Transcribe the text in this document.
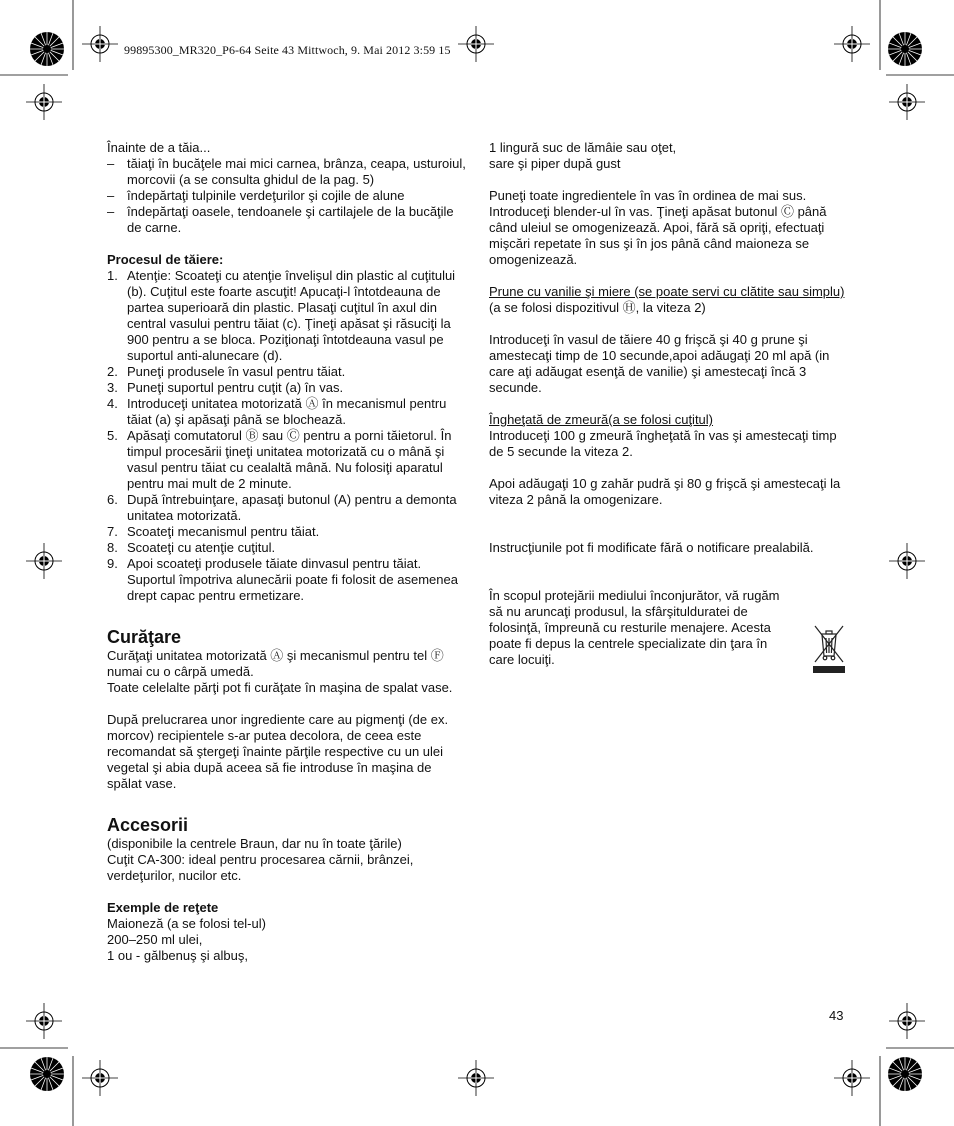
99895300_MR320_P6-64 Seite 43 Mittwoch, 9. Mai 2012 3:59 15

Înainte de a tăia...

– tăiaţi în bucăţele mai mici carnea, brânza, ceapa, usturoiul, morcovii (a se consulta ghidul de la pag. 5)
– îndepărtaţi tulpinile verdeţurilor şi cojile de alune
– îndepărtaţi oasele, tendoanele şi cartilajele de la bucăţile de carne.

Procesul de tăiere:

1. Atenţie: Scoateţi cu atenţie învelişul din plastic al cuţitului (b). Cuţitul este foarte ascuţit! Apucaţi-l întotdeauna de partea superioară din plastic. Plasaţi cuţitul în axul din central vasului pentru tăiat (c). Ţineţi apăsat şi răsuciţi la 900 pentru a se bloca. Poziţionaţi întotdeauna vasul pe suportul anti-alunecare (d).
2. Puneţi produsele în vasul pentru tăiat.
3. Puneţi suportul pentru cuţit (a) în vas.
4. Introduceţi unitatea motorizată Ⓐ în mecanismul pentru tăiat (a) şi apăsaţi până se blochează.
5. Apăsaţi comutatorul Ⓑ sau Ⓒ pentru a porni tăietorul. În timpul procesării ţineţi unitatea motorizată cu o mână şi vasul pentru tăiat cu cealaltă mână. Nu folosiţi aparatul pentru mai mult de 2 minute.
6. După întrebuinţare, apasaţi butonul (A) pentru a demonta unitatea motorizată.
7. Scoateţi mecanismul pentru tăiat.
8. Scoateţi cu atenţie cuţitul.
9. Apoi scoateţi produsele tăiate dinvasul pentru tăiat. Suportul împotriva alunecării poate fi folosit de asemenea drept capac pentru ermetizare.
Curăţare

Curăţaţi unitatea motorizată Ⓐ şi mecanismul pentru tel Ⓕ numai cu o cârpă umedă.

Toate celelalte părţi pot fi curăţate în maşina de spalat vase.

După prelucrarea unor ingrediente care au pigmenţi (de ex. morcov) recipientele s-ar putea decolora, de ceea este recomandat să ştergeţi înainte părţile respective cu un ulei vegetal şi abia după aceea să fie introduse în maşina de spălat vase.

Accesorii

(disponibile la centrele Braun, dar nu în toate ţările)

Cuţit CA-300: ideal pentru procesarea cărnii, brânzei, verdeţurilor, nucilor etc.

Exemple de reţete

Maioneză (a se folosi tel-ul)

200–250 ml ulei,

1 ou - gălbenuş şi albuş,

1 lingură suc de lămâie sau oţet,

sare şi piper după gust

Puneţi toate ingredientele în vas în ordinea de mai sus. Introduceţi blender-ul în vas. Ţineţi apăsat butonul Ⓒ până când uleiul se omogenizează. Apoi, fără să opriţi, efectuaţi mişcări repetate în sus şi în jos până când maioneza se omogenizează.

Prune cu vanilie şi miere (se poate servi cu clătite sau simplu)

(a se folosi dispozitivul Ⓗ, la viteza 2)

Introduceţi în vasul de tăiere 40 g frişcă şi 40 g prune şi amestecaţi timp de 10 secunde,apoi adăugaţi 20 ml apă (in care aţi adăugat esenţă de vanilie) şi amestecaţi încă 3 secunde.

Îngheţată de zmeură(a se folosi cuţitul)

Introduceţi 100 g zmeură îngheţată în vas şi amestecaţi timp de 5 secunde la viteza 2.

Apoi adăugaţi 10 g zahăr pudră şi 80 g frişcă şi amestecaţi la viteza 2 până la omogenizare.

Instrucţiunile pot fi modificate fără o notificare prealabilă.

În scopul protejării mediului înconjurător, vă rugăm să nu aruncaţi produsul, la sfârşitulduratei de folosinţă, împreună cu resturile menajere. Acesta poate fi depus la centrele specializate din ţara în care locuiţi.

43
